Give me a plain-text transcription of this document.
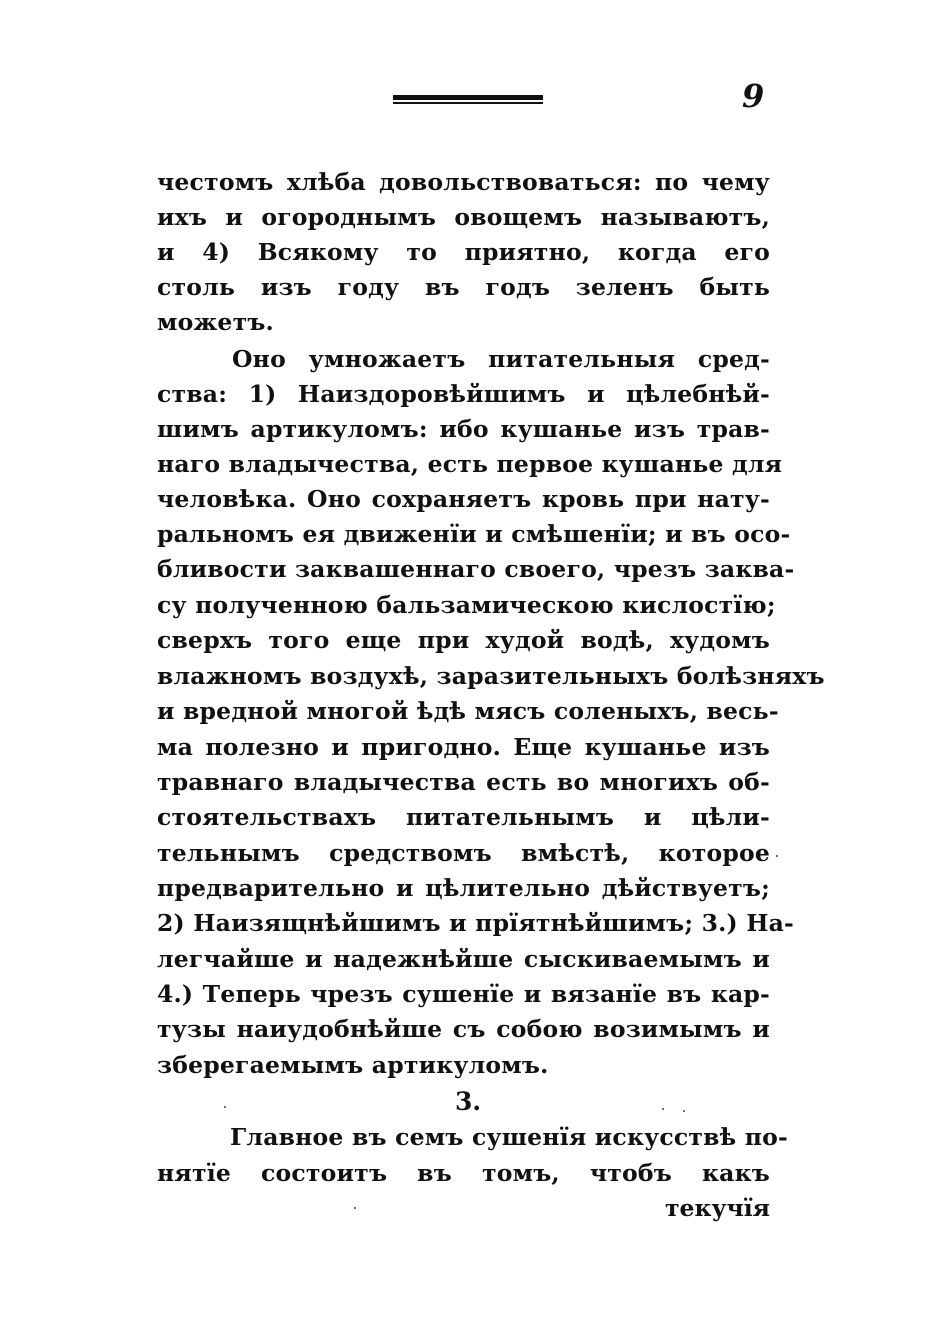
9
честомъ хлѣба довольствоваться: по чему
ихъ и огороднымъ овощемъ называютъ,
и 4) Всякому то приятно, когда его
столь изъ году въ годъ зеленъ быть
можетъ.
Оно умножаетъ питательныя сред-
ства: 1) Наиздоровѣйшимъ и цѣлебнѣй-
шимъ артикуломъ: ибо кушанье изъ трав-
наго владычества, есть первое кушанье для
человѣка. Оно сохраняетъ кровь при нату-
ральномъ ея движенїи и смѣшенїи; и въ осо-
бливости заквашеннаго своего, чрезъ заква-
су полученною бальзамическою кислостїю;
сверхъ того еще при худой водѣ, худомъ
влажномъ воздухѣ, заразительныхъ болѣзняхъ
и вредной многой ѣдѣ мясъ соленыхъ, весь-
ма полезно и пригодно. Еще кушанье изъ
травнаго владычества есть во многихъ об-
стоятельствахъ питательнымъ и цѣли-
тельнымъ средствомъ вмѣстѣ, которое
предварительно и цѣлительно дѣйствуетъ;
2) Наизящнѣйшимъ и прїятнѣйшимъ; 3.) На-
легчайше и надежнѣйше сыскиваемымъ и
4.) Теперь чрезъ сушенїе и вязанїе въ кар-
тузы наиудобнѣйше съ собою возимымъ и
зберегаемымъ артикуломъ.
3.
Главное въ семъ сушенїя искусствѣ по-
нятїе состоитъ въ томъ, чтобъ какъ
текучїя
